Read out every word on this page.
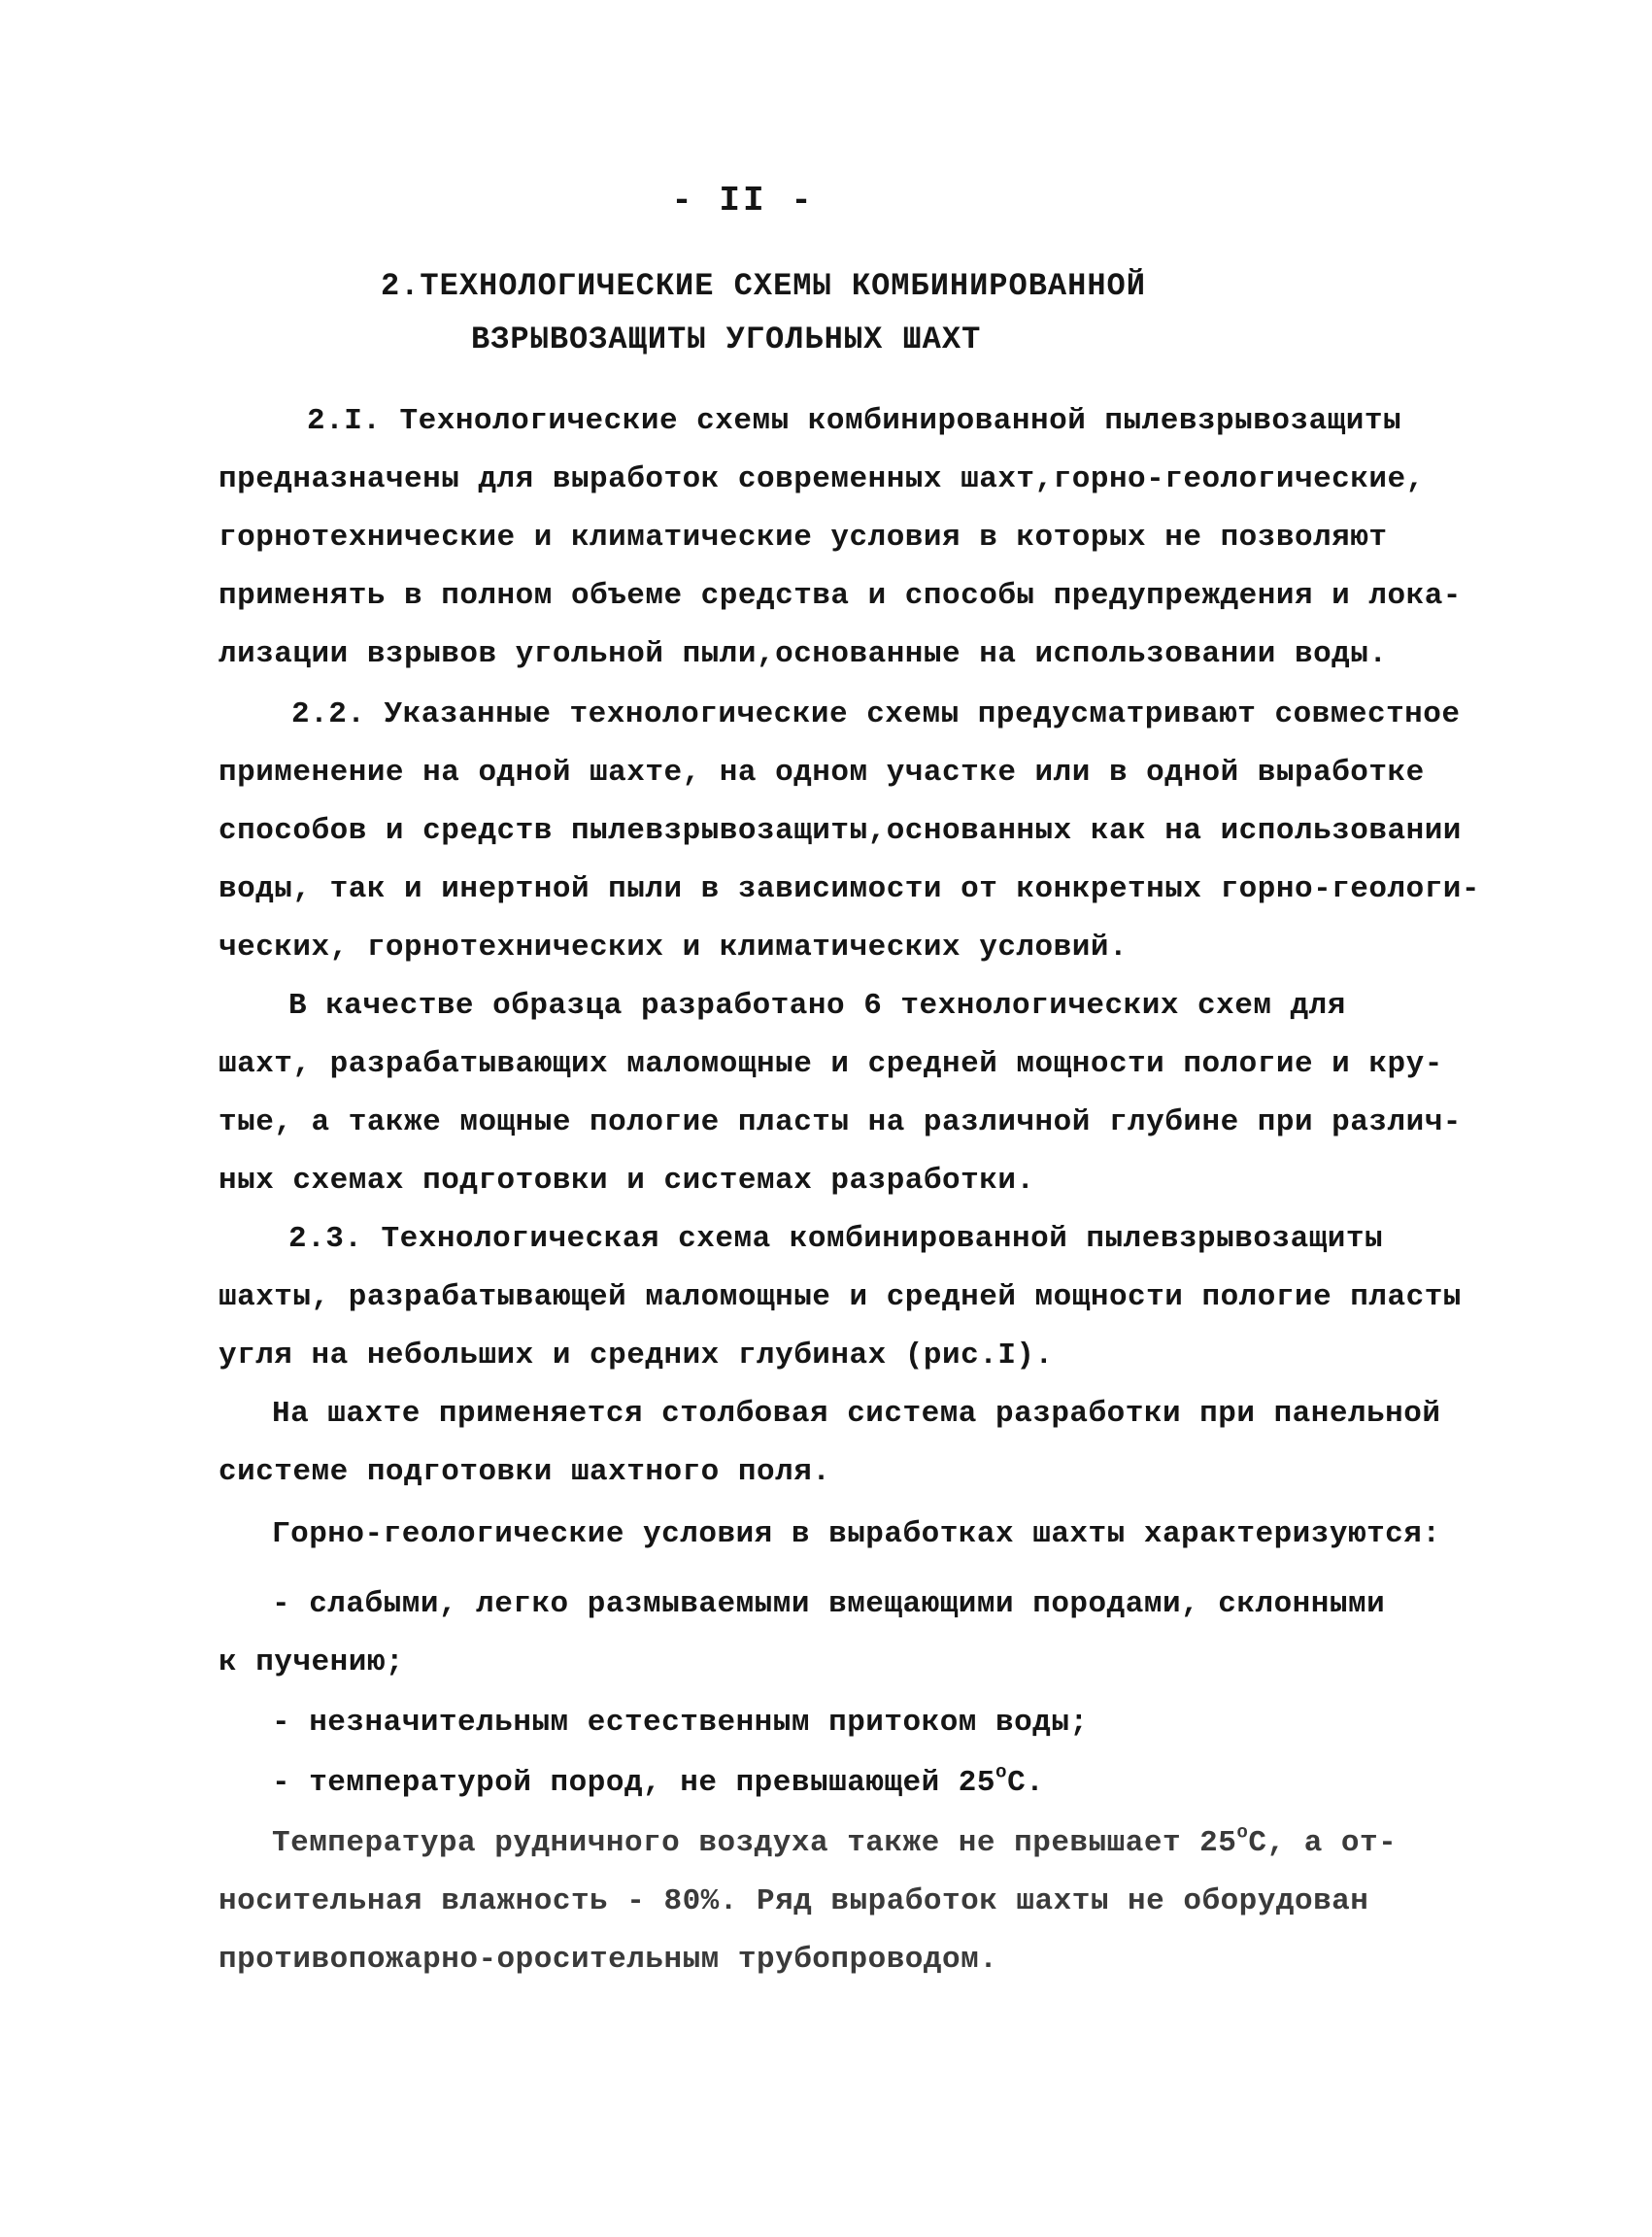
- II -

2.ТЕХНОЛОГИЧЕСКИЕ СХЕМЫ КОМБИНИРОВАННОЙ

ВЗРЫВОЗАЩИТЫ УГОЛЬНЫХ ШАХТ

2.I. Технологические схемы комбинированной пылевзрывозащиты

предназначены для выработок современных шахт,горно-геологические,

горнотехнические и климатические условия в которых не позволяют

применять в полном объеме средства и способы предупреждения и лока-

лизации взрывов угольной пыли,основанные на использовании воды.

2.2. Указанные технологические схемы предусматривают совместное

применение на одной шахте, на одном участке или в одной выработке

способов и средств пылевзрывозащиты,основанных как на использовании

воды, так и инертной пыли в зависимости от конкретных горно-геологи-

ческих, горнотехнических и климатических условий.

В качестве образца разработано 6 технологических схем для

шахт, разрабатывающих маломощные и средней мощности пологие и кру-

тые, а также мощные пологие пласты на различной глубине при различ-

ных схемах подготовки и системах разработки.

2.3. Технологическая схема комбинированной пылевзрывозащиты

шахты, разрабатывающей маломощные и средней мощности пологие пласты

угля на небольших и средних глубинах (рис.I).

На шахте применяется столбовая система разработки при панельной

системе подготовки шахтного поля.

Горно-геологические условия в выработках шахты характеризуются:

- слабыми, легко размываемыми вмещающими породами, склонными

к пучению;

- незначительным естественным притоком воды;

- температурой пород, не превышающей $25^оС$.

Температура рудничного воздуха также не превышает $25^оС$, а от-

носительная влажность - 80%. Ряд выработок шахты не оборудован

противопожарно-оросительным трубопроводом.
